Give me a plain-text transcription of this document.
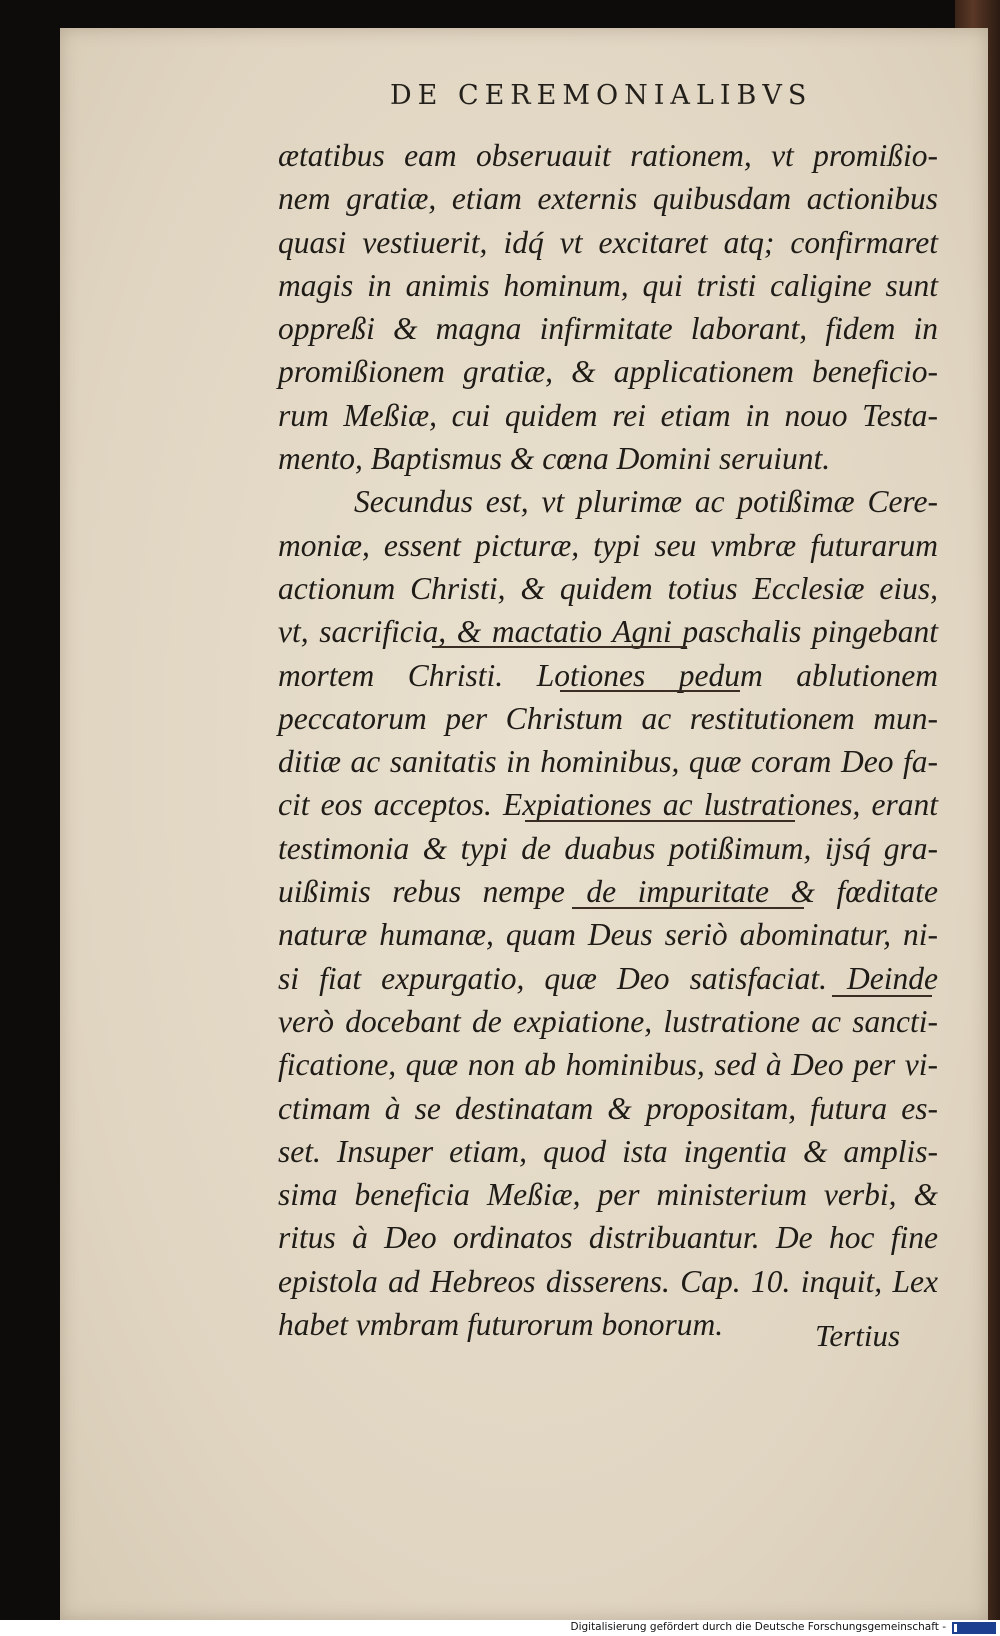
DE CEREMONIALIBVS
ætatibus eam obseruauit rationem, vt promißio-
nem gratiæ, etiam externis quibusdam actionibus
quasi vestiuerit, idq́ vt excitaret atq; confirmaret
magis in animis hominum, qui tristi caligine sunt
oppreßi & magna infirmitate laborant, fidem in
promißionem gratiæ, & applicationem beneficio-
rum Meßiæ, cui quidem rei etiam in nouo Testa-
mento, Baptismus & cœna Domini seruiunt.
Secundus est, vt plurimæ ac potißimæ Cere-
moniæ, essent picturæ, typi seu vmbræ futurarum
actionum Christi, & quidem totius Ecclesiæ eius,
vt, sacrificia, & mactatio Agni paschalis pingebant
mortem Christi. Lotiones pedum ablutionem
peccatorum per Christum ac restitutionem mun-
ditiæ ac sanitatis in hominibus, quæ coram Deo fa-
cit eos acceptos. Expiationes ac lustrationes, erant
testimonia & typi de duabus potißimum, ijsq́ gra-
uißimis rebus nempe de impuritate & fœditate
naturæ humanæ, quam Deus seriò abominatur, ni-
si fiat expurgatio, quæ Deo satisfaciat. Deinde
verò docebant de expiatione, lustratione ac sancti-
ficatione, quæ non ab hominibus, sed à Deo per vi-
ctimam à se destinatam & propositam, futura es-
set. Insuper etiam, quod ista ingentia & amplis-
sima beneficia Meßiæ, per ministerium verbi, &
ritus à Deo ordinatos distribuantur. De hoc fine
epistola ad Hebreos disserens. Cap. 10. inquit, Lex
habet vmbram futurorum bonorum.	Tertius
Digitalisierung gefördert durch die Deutsche Forschungsgemeinschaft -
